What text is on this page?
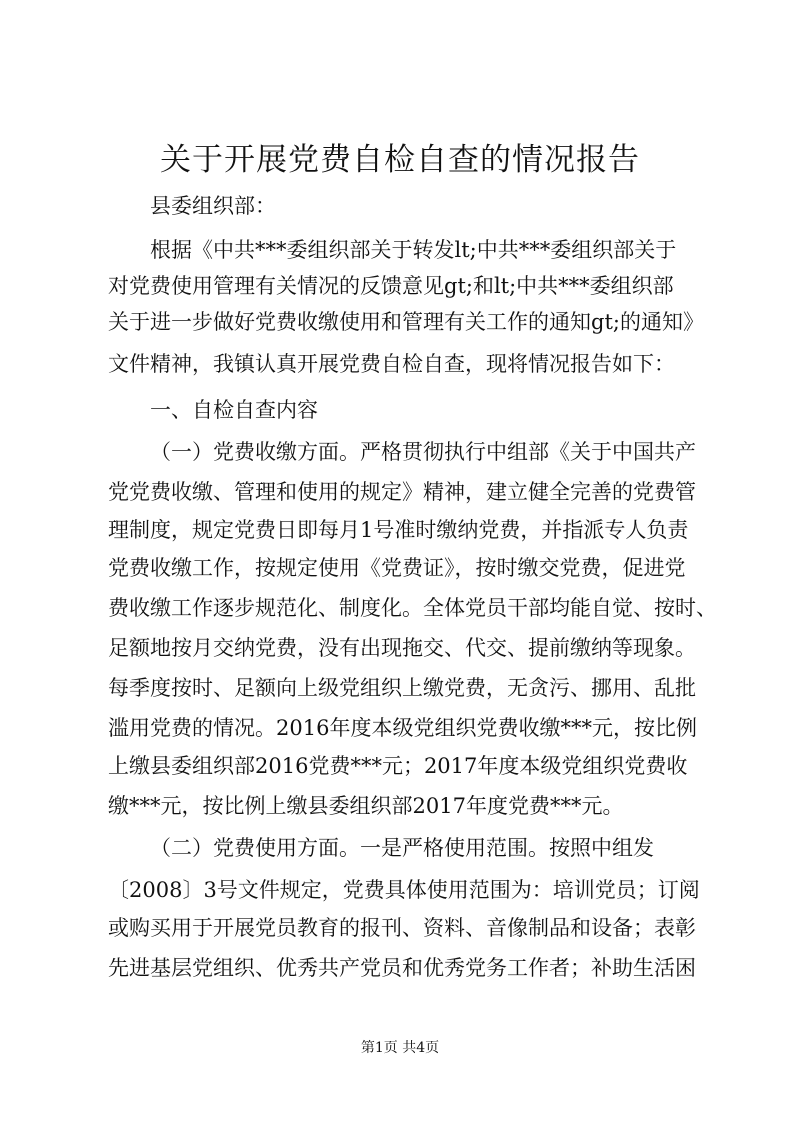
关于开展党费自检自查的情况报告

县委组织部：

根据《中共***委组织部关于转发lt;中共***委组织部关于

对党费使用管理有关情况的反馈意见gt;和lt;中共***委组织部

关于进一步做好党费收缴使用和管理有关工作的通知gt;的通知》

文件精神，我镇认真开展党费自检自查，现将情况报告如下：

一、自检自查内容

（一）党费收缴方面。严格贯彻执行中组部《关于中国共产

党党费收缴、管理和使用的规定》精神，建立健全完善的党费管

理制度，规定党费日即每月1号准时缴纳党费，并指派专人负责

党费收缴工作，按规定使用《党费证》，按时缴交党费，促进党

费收缴工作逐步规范化、制度化。全体党员干部均能自觉、按时、

足额地按月交纳党费，没有出现拖交、代交、提前缴纳等现象。

每季度按时、足额向上级党组织上缴党费，无贪污、挪用、乱批

滥用党费的情况。2016年度本级党组织党费收缴***元，按比例

上缴县委组织部2016党费***元；2017年度本级党组织党费收

缴***元，按比例上缴县委组织部2017年度党费***元。

（二）党费使用方面。一是严格使用范围。按照中组发

〔2008〕3号文件规定，党费具体使用范围为：培训党员；订阅

或购买用于开展党员教育的报刊、资料、音像制品和设备；表彰

先进基层党组织、优秀共产党员和优秀党务工作者；补助生活困

第1页 共4页
